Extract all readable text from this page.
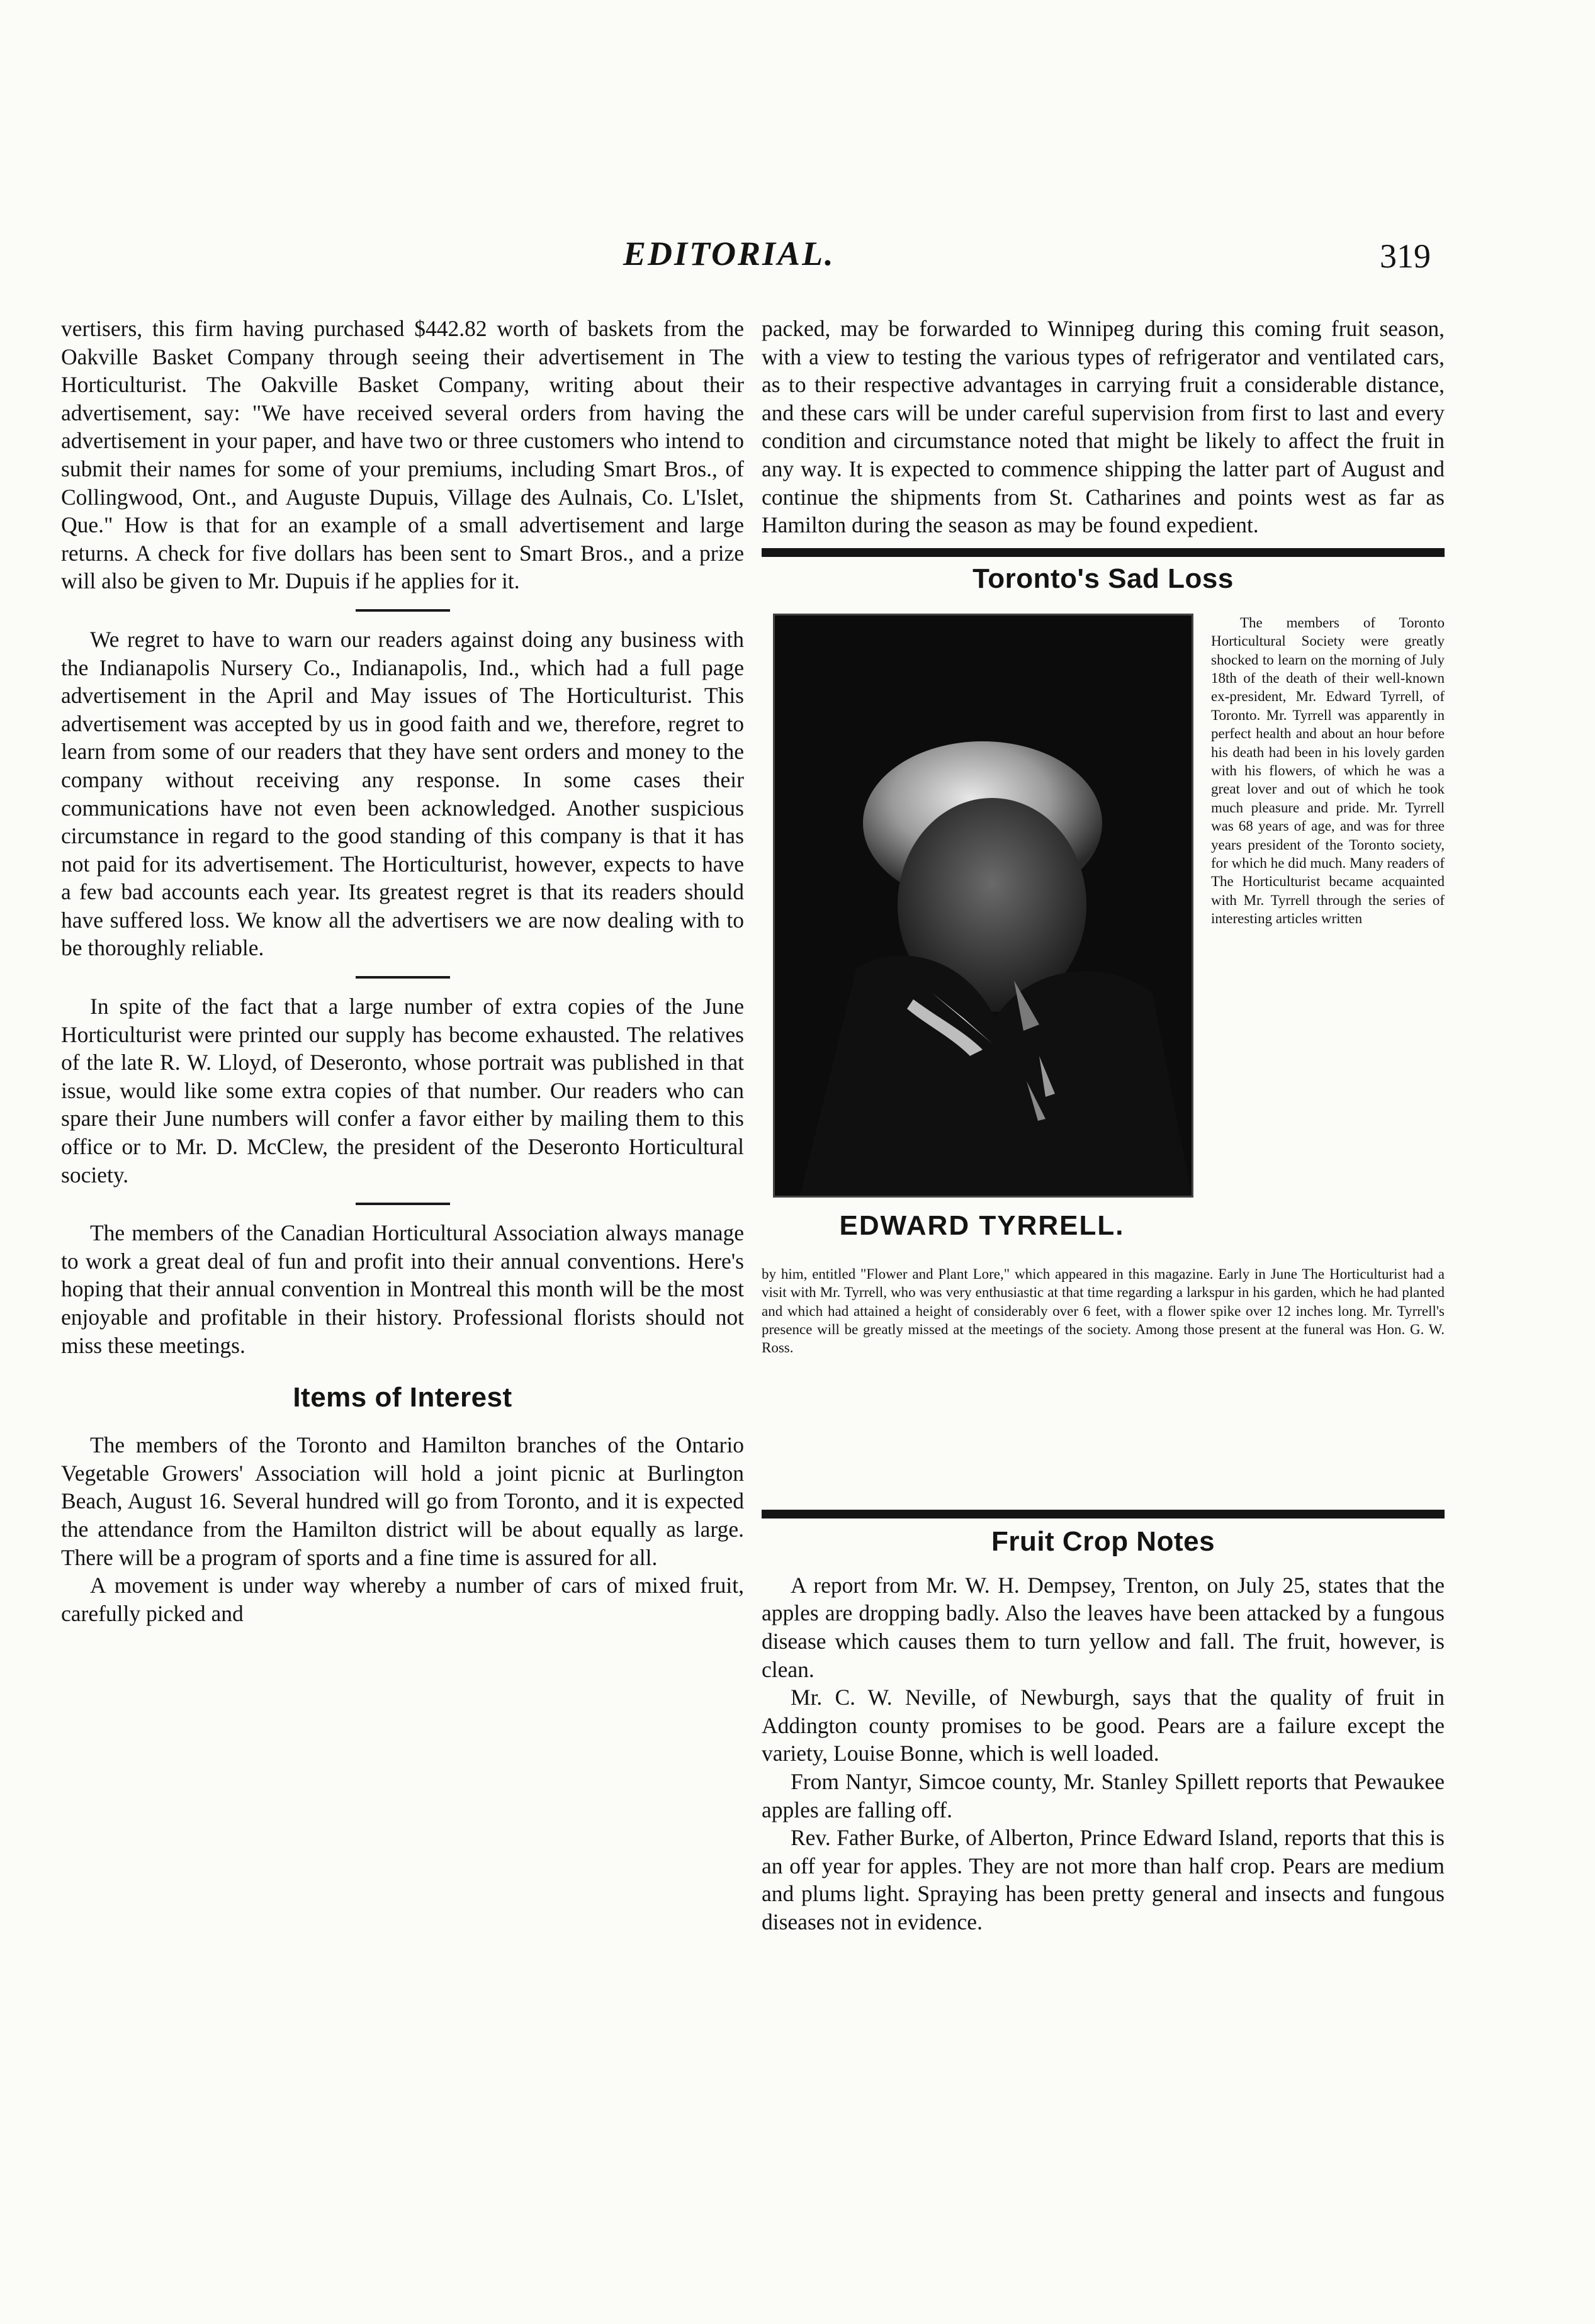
EDITORIAL.	319

vertisers, this firm having purchased $442.82 worth of baskets from the Oakville Basket Company through seeing their advertisement in The Horticulturist. The Oakville Basket Company, writing about their advertisement, say: "We have received several orders from having the advertisement in your paper, and have two or three customers who intend to submit their names for some of your premiums, including Smart Bros., of Collingwood, Ont., and Auguste Dupuis, Village des Aulnais, Co. L'Islet, Que." How is that for an example of a small advertisement and large returns. A check for five dollars has been sent to Smart Bros., and a prize will also be given to Mr. Dupuis if he applies for it.

We regret to have to warn our readers against doing any business with the Indianapolis Nursery Co., Indianapolis, Ind., which had a full page advertisement in the April and May issues of The Horticulturist. This advertisement was accepted by us in good faith and we, therefore, regret to learn from some of our readers that they have sent orders and money to the company without receiving any response. In some cases their communications have not even been acknowledged. Another suspicious circumstance in regard to the good standing of this company is that it has not paid for its advertisement. The Horticulturist, however, expects to have a few bad accounts each year. Its greatest regret is that its readers should have suffered loss. We know all the advertisers we are now dealing with to be thoroughly reliable.

In spite of the fact that a large number of extra copies of the June Horticulturist were printed our supply has become exhausted. The relatives of the late R. W. Lloyd, of Deseronto, whose portrait was published in that issue, would like some extra copies of that number. Our readers who can spare their June numbers will confer a favor either by mailing them to this office or to Mr. D. McClew, the president of the Deseronto Horticultural society.

The members of the Canadian Horticultural Association always manage to work a great deal of fun and profit into their annual conventions. Here's hoping that their annual convention in Montreal this month will be the most enjoyable and profitable in their history. Professional florists should not miss these meetings.

Items of Interest

The members of the Toronto and Hamilton branches of the Ontario Vegetable Growers' Association will hold a joint picnic at Burlington Beach, August 16. Several hundred will go from Toronto, and it is expected the attendance from the Hamilton district will be about equally as large. There will be a program of sports and a fine time is assured for all.

A movement is under way whereby a number of cars of mixed fruit, carefully picked and

packed, may be forwarded to Winnipeg during this coming fruit season, with a view to testing the various types of refrigerator and ventilated cars, as to their respective advantages in carrying fruit a considerable distance, and these cars will be under careful supervision from first to last and every condition and circumstance noted that might be likely to affect the fruit in any way. It is expected to commence shipping the latter part of August and continue the shipments from St. Catharines and points west as far as Hamilton during the season as may be found expedient.

Toronto's Sad Loss
EDWARD TYRRELL.

The members of Toronto Horticultural Society were greatly shocked to learn on the morning of July 18th of the death of their well-known ex-president, Mr. Edward Tyrrell, of Toronto. Mr. Tyrrell was apparently in perfect health and about an hour before his death had been in his lovely garden with his flowers, of which he was a great lover and out of which he took much pleasure and pride. Mr. Tyrrell was 68 years of age, and was for three years president of the Toronto society, for which he did much. Many readers of The Horticulturist became acquainted with Mr. Tyrrell through the series of interesting articles written

by him, entitled "Flower and Plant Lore," which appeared in this magazine. Early in June The Horticulturist had a visit with Mr. Tyrrell, who was very enthusiastic at that time regarding a larkspur in his garden, which he had planted and which had attained a height of considerably over 6 feet, with a flower spike over 12 inches long. Mr. Tyrrell's presence will be greatly missed at the meetings of the society. Among those present at the funeral was Hon. G. W. Ross.

Fruit Crop Notes

A report from Mr. W. H. Dempsey, Trenton, on July 25, states that the apples are dropping badly. Also the leaves have been attacked by a fungous disease which causes them to turn yellow and fall. The fruit, however, is clean.

Mr. C. W. Neville, of Newburgh, says that the quality of fruit in Addington county promises to be good. Pears are a failure except the variety, Louise Bonne, which is well loaded.

From Nantyr, Simcoe county, Mr. Stanley Spillett reports that Pewaukee apples are falling off.

Rev. Father Burke, of Alberton, Prince Edward Island, reports that this is an off year for apples. They are not more than half crop. Pears are medium and plums light. Spraying has been pretty general and insects and fungous diseases not in evidence.
